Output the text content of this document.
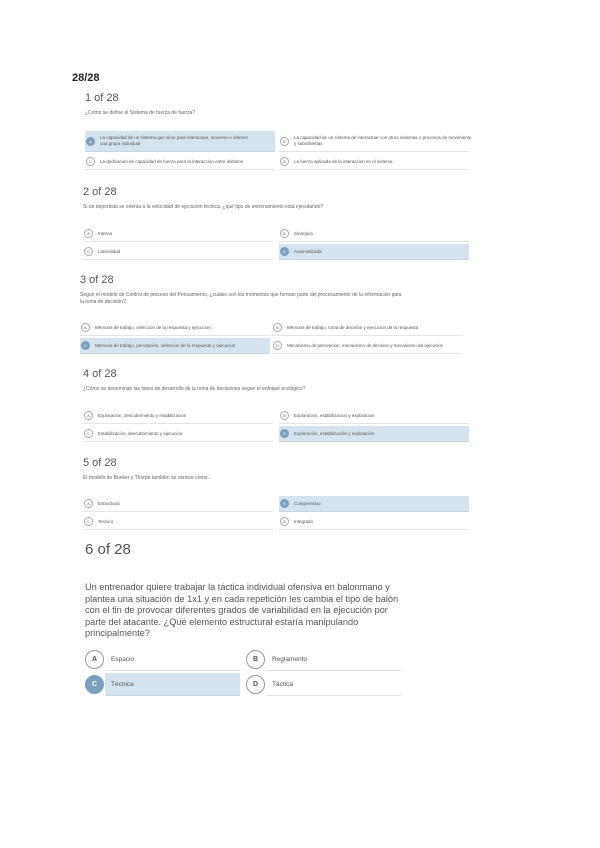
28/28
1 of 28
¿Como se define el Sistema de fuerza de fuerza?
A
La capacidad de un sistema que sirve para interactuar, moverse o obtener
una grupo individual	B
La capacidad de un sistema de interactuar con otros sistemas o procesos de movimiento
y subsistemas
C	La dedicacion de capacidad de fuerza para la interaccion entre distintos	D	La fuerza aplicada de la interaccion en el sistema
2 of 28
Si un deportista se orienta a la velocidad de ejecucion tecnica, ¿qué tipo de entrenamiento está ejecutando?
A	Interna	B	Sinergica
C	Lateralidad	D	Automatizada
3 of 28
Segun el modelo de Control de proceso del Pensamiento, ¿cuáles son los momentos que forman parte del procesamiento de la información para
la toma de decisión?
A	Memoria de trabajo, seleccion de la respuesta y ejecucion	B	Memoria de trabajo, toma de decisión y ejecucion de la respuesta
C	Memoria de trabajo, percepcion, seleccion de la respuesta y ejecucion	D	Mecanismo de percepcion, mecanismo de decision y mecanismo de ejecucion
4 of 28
¿Cómo se denominan las fases de desarrollo de la toma de decisiones segun el enfoque ecológico?
A	Exploracion, descubrimiento y estabilizacion	B	Exploracion, estabilizacion y explotacion
C	Estabilización, descubrimiento y ejecucion	D	Exploración, estabilización y explotación
5 of 28
El modelo de Bunker y Thorpe también se conoce como...
A	Estructural	B	Comprensivo
C	Tecnico	D	Integrado
6 of 28
Un entrenador quiere trabajar la táctica individual ofensiva en balonmano y plantea una situación de 1x1 y en cada repetición les cambia el tipo de balón con el fin de provocar diferentes grados de variabilidad en la ejecución por parte del atacante. ¿Qué elemento estructural estaría manipulando principalmente?
A	Espacio	B	Reglamento
C	Técnica	D	Táctica
